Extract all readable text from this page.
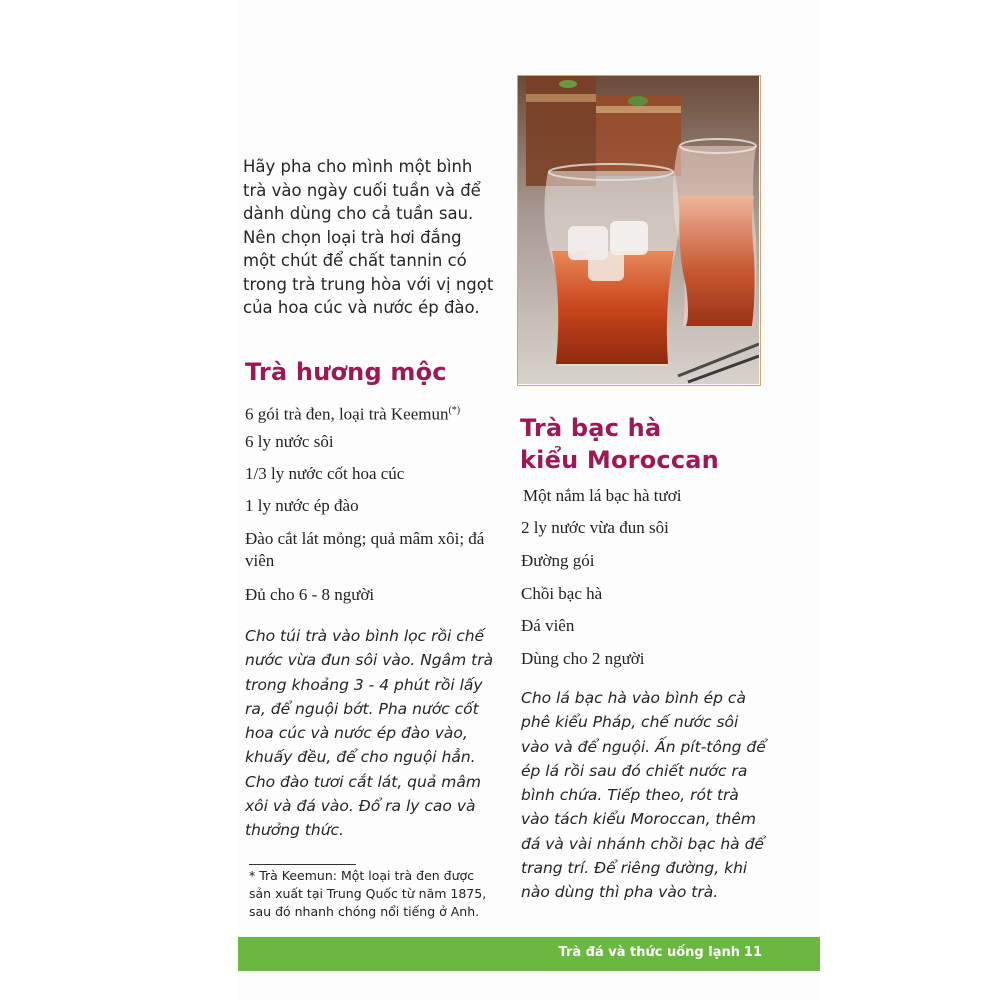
Hãy pha cho mình một bình trà vào ngày cuối tuần và để dành dùng cho cả tuần sau. Nên chọn loại trà hơi đắng một chút để chất tannin có trong trà trung hòa với vị ngọt của hoa cúc và nước ép đào.

Trà hương mộc

6 gói trà đen, loại trà Keemun(*)

6 ly nước sôi

1/3 ly nước cốt hoa cúc

1 ly nước ép đào

Đào cắt lát mỏng; quả mâm xôi; đá viên

Đủ cho 6 - 8 người

Cho túi trà vào bình lọc rồi chế nước vừa đun sôi vào. Ngâm trà trong khoảng 3 - 4 phút rồi lấy ra, để nguội bớt. Pha nước cốt hoa cúc và nước ép đào vào, khuấy đều, để cho nguội hẳn. Cho đào tươi cắt lát, quả mâm xôi và đá vào. Đổ ra ly cao và thưởng thức.

* Trà Keemun: Một loại trà đen được sản xuất tại Trung Quốc từ năm 1875, sau đó nhanh chóng nổi tiếng ở Anh.

Trà bạc hà
kiểu Moroccan

Một nắm lá bạc hà tươi

2 ly nước vừa đun sôi

Đường gói

Chồi bạc hà

Đá viên

Dùng cho 2 người

Cho lá bạc hà vào bình ép cà phê kiểu Pháp, chế nước sôi vào và để nguội. Ấn pít-tông để ép lá rồi sau đó chiết nước ra bình chứa. Tiếp theo, rót trà vào tách kiểu Moroccan, thêm đá và vài nhánh chồi bạc hà để trang trí. Để riêng đường, khi nào dùng thì pha vào trà.

Trà đá và thức uống lạnh 11
